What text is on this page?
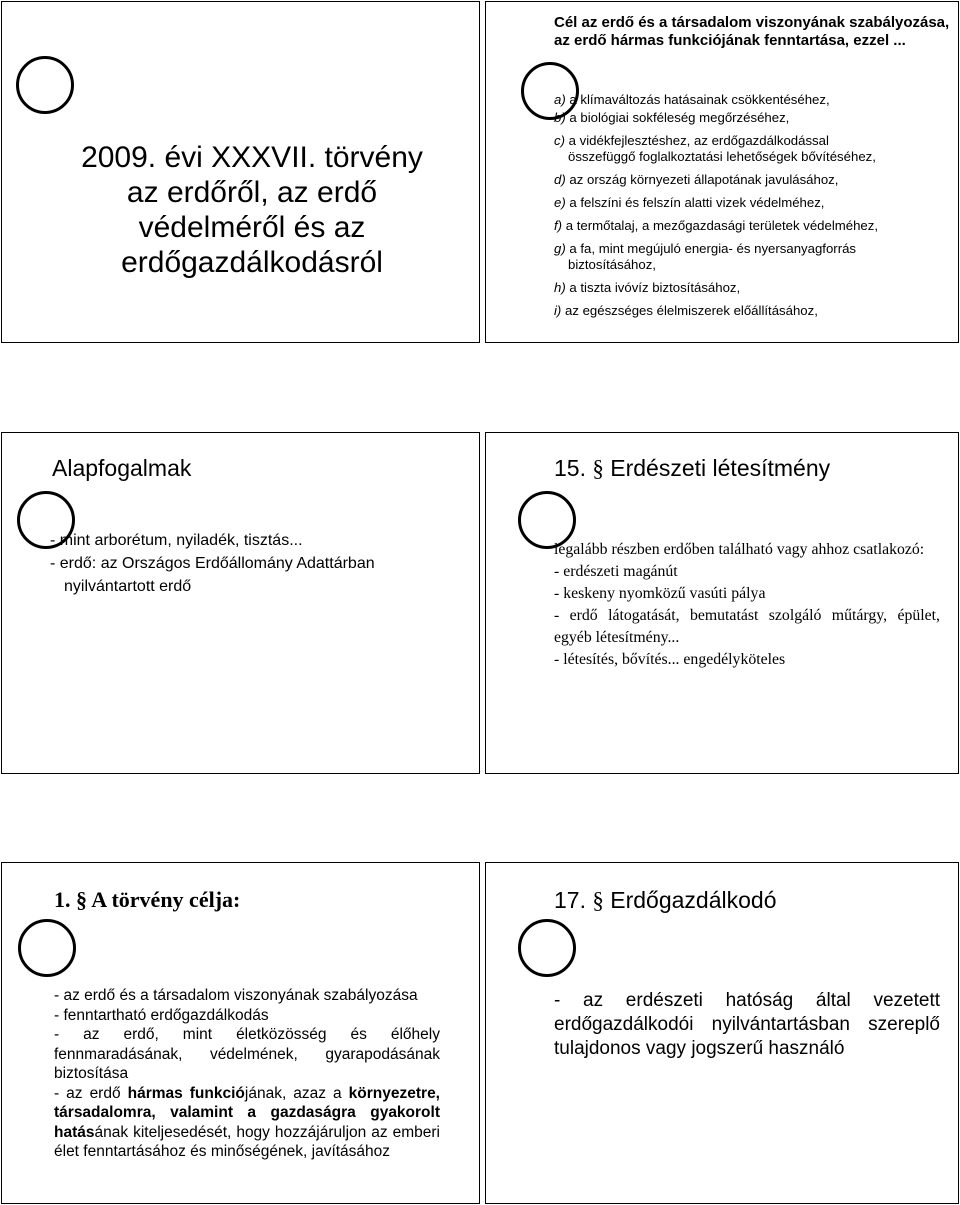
2009. évi XXXVII. törvény
az erdőről, az erdő
védelméről és az
erdőgazdálkodásról
Cél az erdő és a társadalom viszonyának szabályozása, az erdő hármas funkciójának fenntartása, ezzel ...
a) a klímaváltozás hatásainak csökkentéséhez,
b) a biológiai sokféleség megőrzéséhez,
c) a vidékfejlesztéshez, az erdőgazdálkodással
összefüggő foglalkoztatási lehetőségek bővítéséhez,
d) az ország környezeti állapotának javulásához,
e) a felszíni és felszín alatti vizek védelméhez,
f) a termőtalaj, a mezőgazdasági területek védelméhez,
g) a fa, mint megújuló energia- és nyersanyagforrás
biztosításához,
h) a tiszta ivóvíz biztosításához,
i) az egészséges élelmiszerek előállításához,
Alapfogalmak
- mint arborétum, nyiladék, tisztás...
- erdő: az Országos Erdőállomány Adattárban
nyilvántartott erdő
15. § Erdészeti létesítmény
legalább részben erdőben található vagy ahhoz csatlakozó:
- erdészeti magánút
- keskeny nyomközű vasúti pálya
- erdő látogatását, bemutatást szolgáló műtárgy, épület, egyéb létesítmény...
- létesítés, bővítés... engedélyköteles
1. § A törvény célja:
- az erdő és a társadalom viszonyának szabályozása
- fenntartható erdőgazdálkodás
- az erdő, mint életközösség és élőhely fennmaradásának, védelmének, gyarapodásának biztosítása
- az erdő hármas funkciójának, azaz a környezetre, társadalomra, valamint a gazdaságra gyakorolt hatásának kiteljesedését, hogy hozzájáruljon az emberi élet fenntartásához és minőségének, javításához
17. § Erdőgazdálkodó
- az erdészeti hatóság által vezetett erdőgazdálkodói nyilvántartásban szereplő tulajdonos vagy jogszerű használó
